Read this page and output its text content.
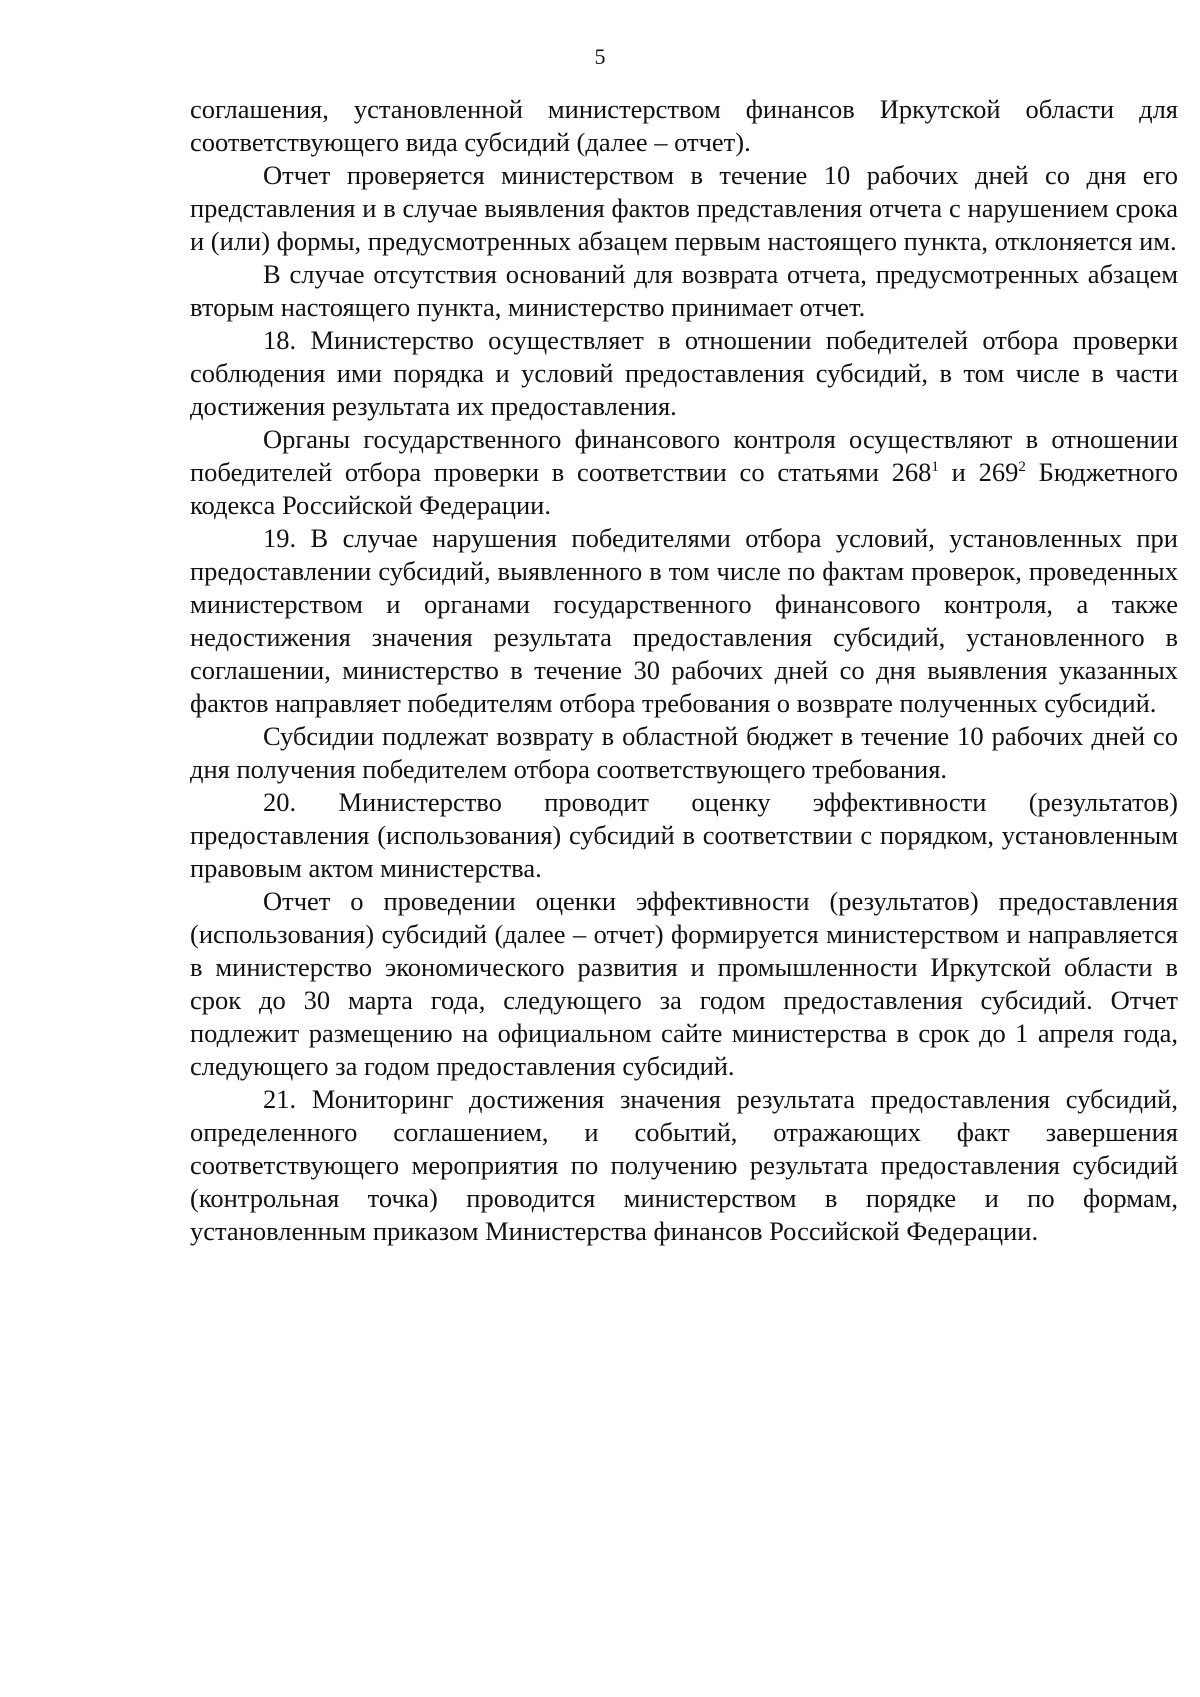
5

соглашения, установленной министерством финансов Иркутской области для соответствующего вида субсидий (далее – отчет).

Отчет проверяется министерством в течение 10 рабочих дней со дня его представления и в случае выявления фактов представления отчета с нарушением срока и (или) формы, предусмотренных абзацем первым настоящего пункта, отклоняется им.

В случае отсутствия оснований для возврата отчета, предусмотренных абзацем вторым настоящего пункта, министерство принимает отчет.

18. Министерство осуществляет в отношении победителей отбора проверки соблюдения ими порядка и условий предоставления субсидий, в том числе в части достижения результата их предоставления.

Органы государственного финансового контроля осуществляют в отношении победителей отбора проверки в соответствии со статьями $268^1$ и $269^2$ Бюджетного кодекса Российской Федерации.

19. В случае нарушения победителями отбора условий, установленных при предоставлении субсидий, выявленного в том числе по фактам проверок, проведенных министерством и органами государственного финансового контроля, а также недостижения значения результата предоставления субсидий, установленного в соглашении, министерство в течение 30 рабочих дней со дня выявления указанных фактов направляет победителям отбора требования о возврате полученных субсидий.

Субсидии подлежат возврату в областной бюджет в течение 10 рабочих дней со дня получения победителем отбора соответствующего требования.

20. Министерство проводит оценку эффективности (результатов) предоставления (использования) субсидий в соответствии с порядком, установленным правовым актом министерства.

Отчет о проведении оценки эффективности (результатов) предоставления (использования) субсидий (далее – отчет) формируется министерством и направляется в министерство экономического развития и промышленности Иркутской области в срок до 30 марта года, следующего за годом предоставления субсидий. Отчет подлежит размещению на официальном сайте министерства в срок до 1 апреля года, следующего за годом предоставления субсидий.

21. Мониторинг достижения значения результата предоставления субсидий, определенного соглашением, и событий, отражающих факт завершения соответствующего мероприятия по получению результата предоставления субсидий (контрольная точка) проводится министерством в порядке и по формам, установленным приказом Министерства финансов Российской Федерации.
